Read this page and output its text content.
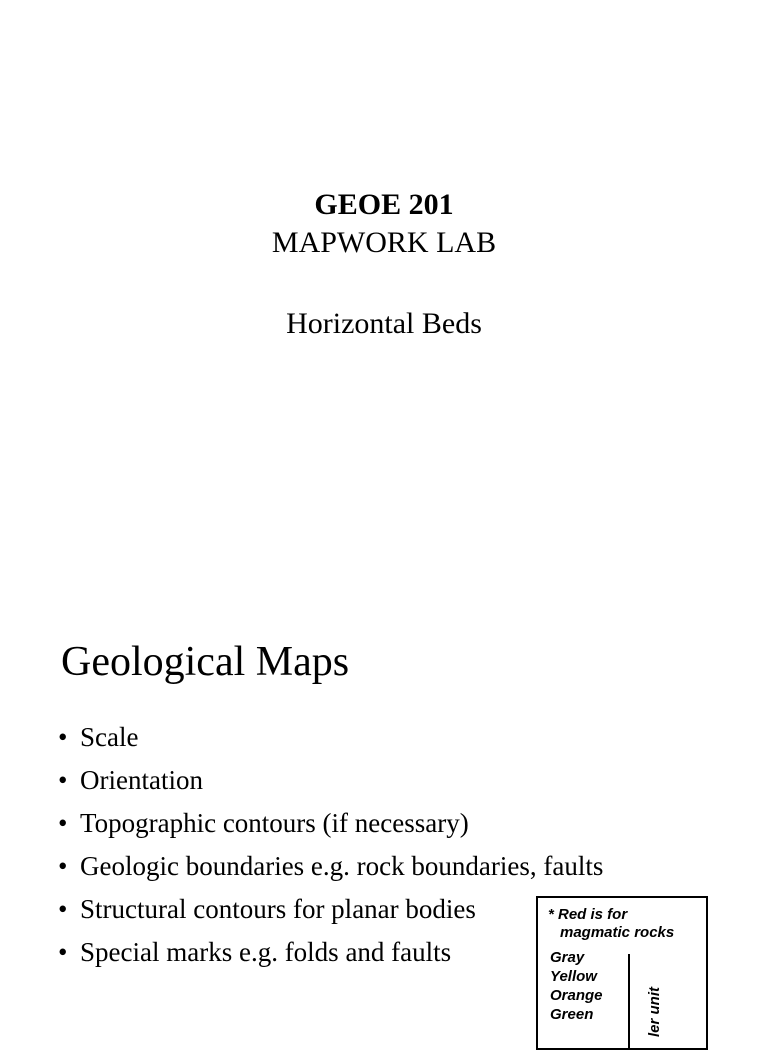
GEOE 201
MAPWORK LAB
Horizontal Beds
Geological Maps
• Scale
• Orientation
• Topographic contours (if necessary)
• Geologic boundaries e.g. rock boundaries, faults
• Structural contours for planar bodies
• Special marks e.g. folds and faults
* Red is for
magmatic rocks
Gray
Yellow
Orange
Green	ler unit
